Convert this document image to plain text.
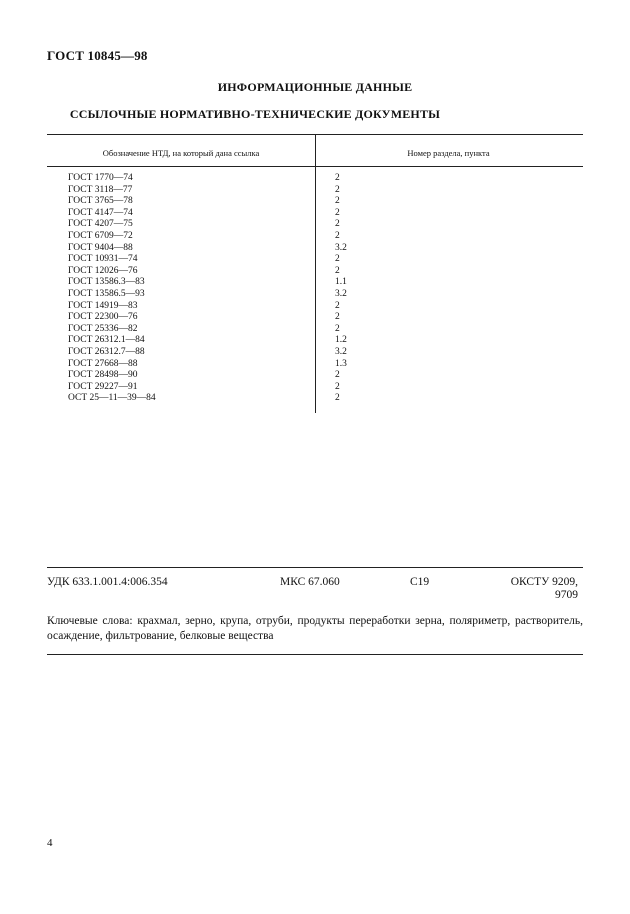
ГОСТ 10845—98
ИНФОРМАЦИОННЫЕ ДАННЫЕ
ССЫЛОЧНЫЕ НОРМАТИВНО-ТЕХНИЧЕСКИЕ ДОКУМЕНТЫ
Обозначение НТД, на который дана ссылка	Номер раздела, пункта
ГОСТ 1770—74	2
ГОСТ 3118—77	2
ГОСТ 3765—78	2
ГОСТ 4147—74	2
ГОСТ 4207—75	2
ГОСТ 6709—72	2
ГОСТ 9404—88	3.2
ГОСТ 10931—74	2
ГОСТ 12026—76	2
ГОСТ 13586.3—83	1.1
ГОСТ 13586.5—93	3.2
ГОСТ 14919—83	2
ГОСТ 22300—76	2
ГОСТ 25336—82	2
ГОСТ 26312.1—84	1.2
ГОСТ 26312.7—88	3.2
ГОСТ 27668—88	1.3
ГОСТ 28498—90	2
ГОСТ 29227—91	2
ОСТ 25—11—39—84	2
УДК 633.1.001.4:006.354	МКС 67.060	С19	ОКСТУ 9209,
9709
Ключевые слова: крахмал, зерно, крупа, отруби, продукты переработки зерна, поляриметр, растворитель, осаждение, фильтрование, белковые вещества
4
